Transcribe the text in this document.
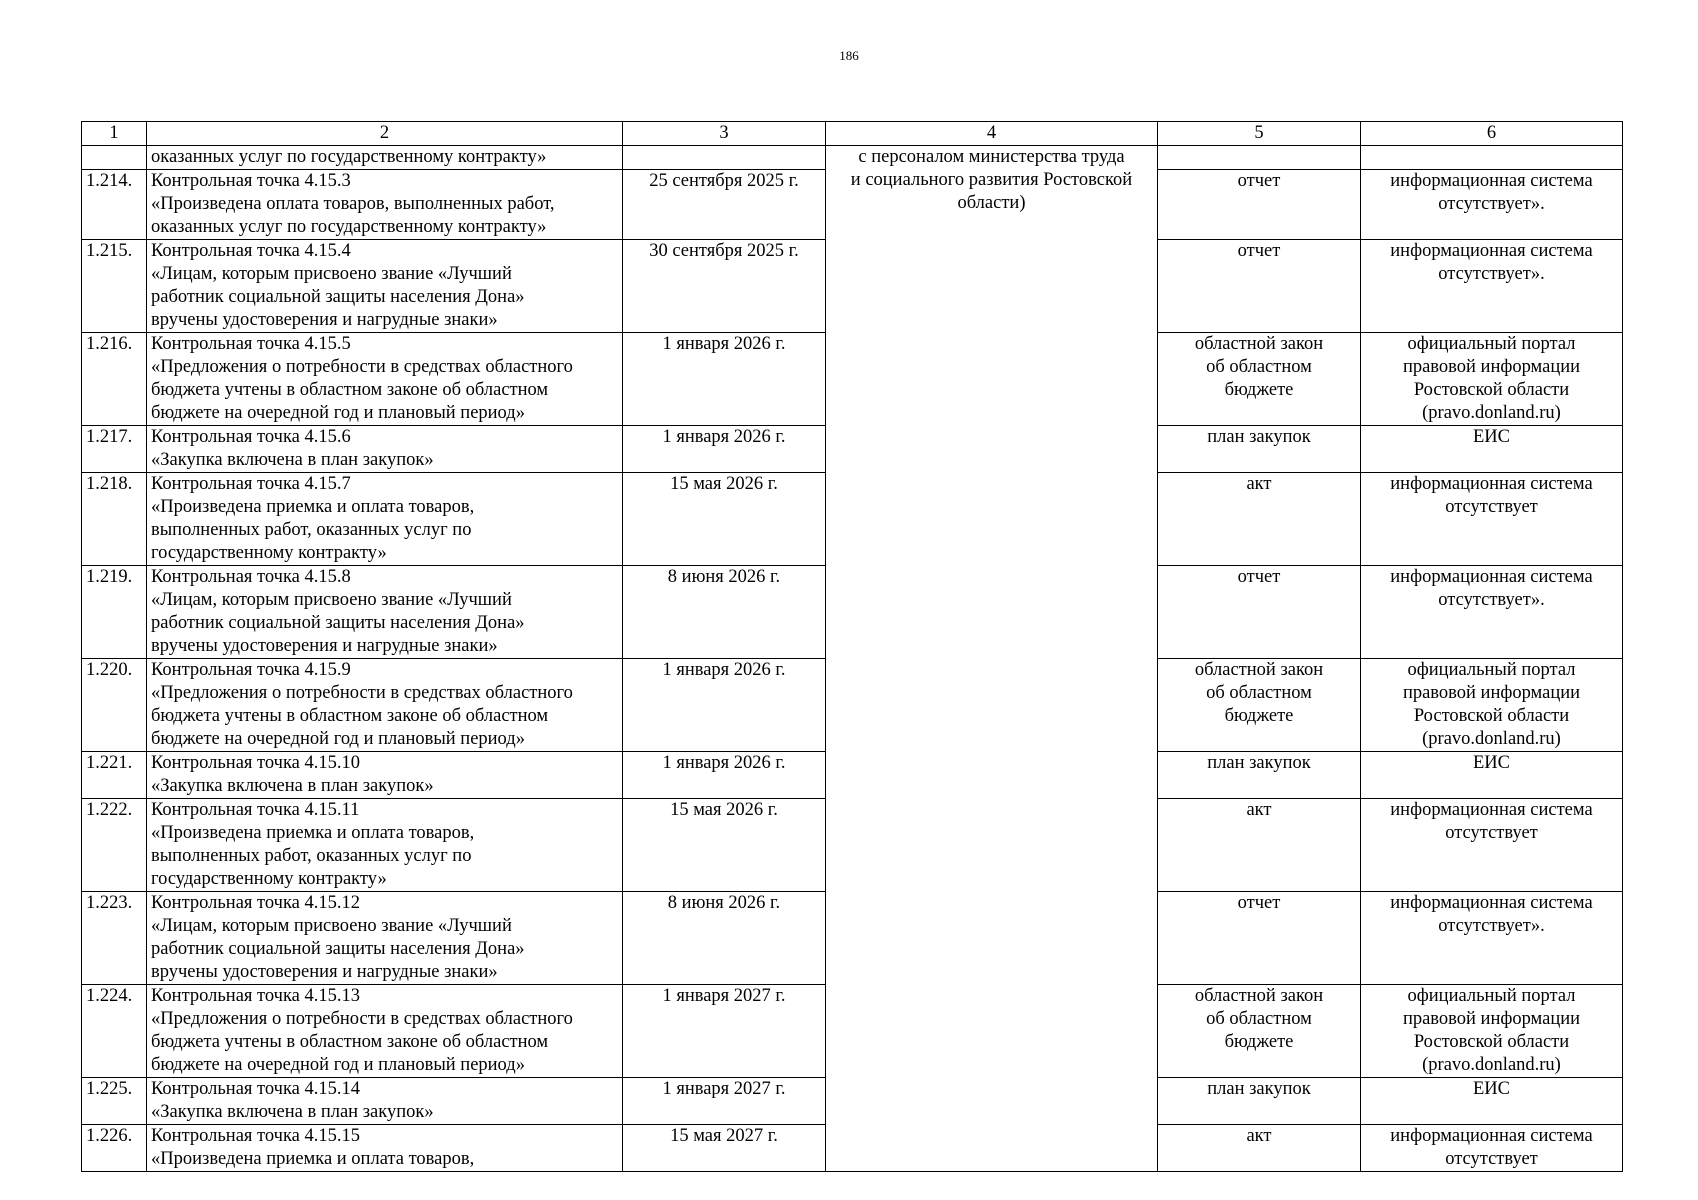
186
1	2	3	4	5	6

	оказанных услуг по государственному контракту»		с персоналом министерства труда
и социального развития Ростовской
области)		

1.214.	Контрольная точка 4.15.3
«Произведена оплата товаров, выполненных работ,
оказанных услуг по государственному контракту»	25 сентября 2025 г.		отчет	информационная система
отсутствует».

1.215.	Контрольная точка 4.15.4
«Лицам, которым присвоено звание «Лучший
работник социальной защиты населения Дона»
вручены удостоверения и нагрудные знаки»	30 сентября 2025 г.		отчет	информационная система
отсутствует».

1.216.	Контрольная точка 4.15.5
«Предложения о потребности в средствах областного
бюджета учтены в областном законе об областном
бюджете на очередной год и плановый период»	1 января 2026 г.		областной закон
об областном
бюджете	официальный портал
правовой информации
Ростовской области
(pravo.donland.ru)

1.217.	Контрольная точка 4.15.6
«Закупка включена в план закупок»	1 января 2026 г.		план закупок	ЕИС

1.218.	Контрольная точка 4.15.7
«Произведена приемка и оплата товаров,
выполненных работ, оказанных услуг по
государственному контракту»	15 мая 2026 г.		акт	информационная система
отсутствует

1.219.	Контрольная точка 4.15.8
«Лицам, которым присвоено звание «Лучший
работник социальной защиты населения Дона»
вручены удостоверения и нагрудные знаки»	8 июня 2026 г.		отчет	информационная система
отсутствует».

1.220.	Контрольная точка 4.15.9
«Предложения о потребности в средствах областного
бюджета учтены в областном законе об областном
бюджете на очередной год и плановый период»	1 января 2026 г.		областной закон
об областном
бюджете	официальный портал
правовой информации
Ростовской области
(pravo.donland.ru)

1.221.	Контрольная точка 4.15.10
«Закупка включена в план закупок»	1 января 2026 г.		план закупок	ЕИС

1.222.	Контрольная точка 4.15.11
«Произведена приемка и оплата товаров,
выполненных работ, оказанных услуг по
государственному контракту»	15 мая 2026 г.		акт	информационная система
отсутствует

1.223.	Контрольная точка 4.15.12
«Лицам, которым присвоено звание «Лучший
работник социальной защиты населения Дона»
вручены удостоверения и нагрудные знаки»	8 июня 2026 г.		отчет	информационная система
отсутствует».

1.224.	Контрольная точка 4.15.13
«Предложения о потребности в средствах областного
бюджета учтены в областном законе об областном
бюджете на очередной год и плановый период»	1 января 2027 г.		областной закон
об областном
бюджете	официальный портал
правовой информации
Ростовской области
(pravo.donland.ru)

1.225.	Контрольная точка 4.15.14
«Закупка включена в план закупок»	1 января 2027 г.		план закупок	ЕИС

1.226.	Контрольная точка 4.15.15
«Произведена приемка и оплата товаров,	15 мая 2027 г.		акт	информационная система
отсутствует
